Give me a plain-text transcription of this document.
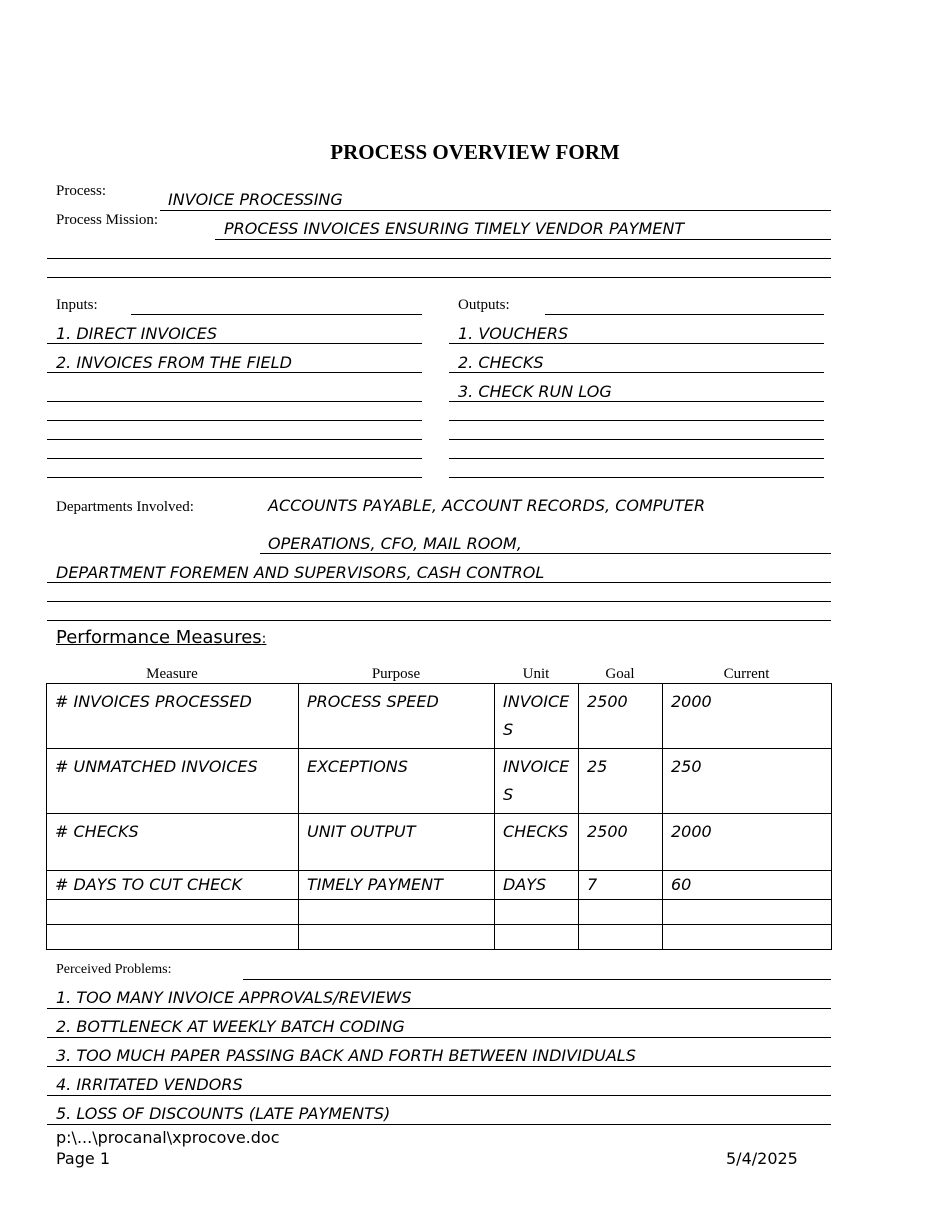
PROCESS OVERVIEW FORM
Process:	INVOICE PROCESSING
Process Mission:	PROCESS INVOICES ENSURING TIMELY VENDOR PAYMENT
Inputs:
1. DIRECT INVOICES
2. INVOICES FROM THE FIELD
Outputs:
1. VOUCHERS
2. CHECKS
3. CHECK RUN LOG
Departments Involved:	ACCOUNTS PAYABLE, ACCOUNT RECORDS, COMPUTER
OPERATIONS, CFO, MAIL ROOM,
DEPARTMENT FOREMEN AND SUPERVISORS, CASH CONTROL
Performance Measures:
Measure	Purpose	Unit	Goal	Current
# INVOICES PROCESSED	PROCESS SPEED	INVOICES	2500	2000
# UNMATCHED INVOICES	EXCEPTIONS	INVOICES	25	250
# CHECKS	UNIT OUTPUT	CHECKS	2500	2000
# DAYS TO CUT CHECK	TIMELY PAYMENT	DAYS	7	60

Perceived Problems:
1. TOO MANY INVOICE APPROVALS/REVIEWS
2. BOTTLENECK AT WEEKLY BATCH CODING
3. TOO MUCH PAPER PASSING BACK AND FORTH BETWEEN INDIVIDUALS
4. IRRITATED VENDORS
5. LOSS OF DISCOUNTS (LATE PAYMENTS)
p:\...\procanal\xprocove.doc
Page 1	5/4/2025
